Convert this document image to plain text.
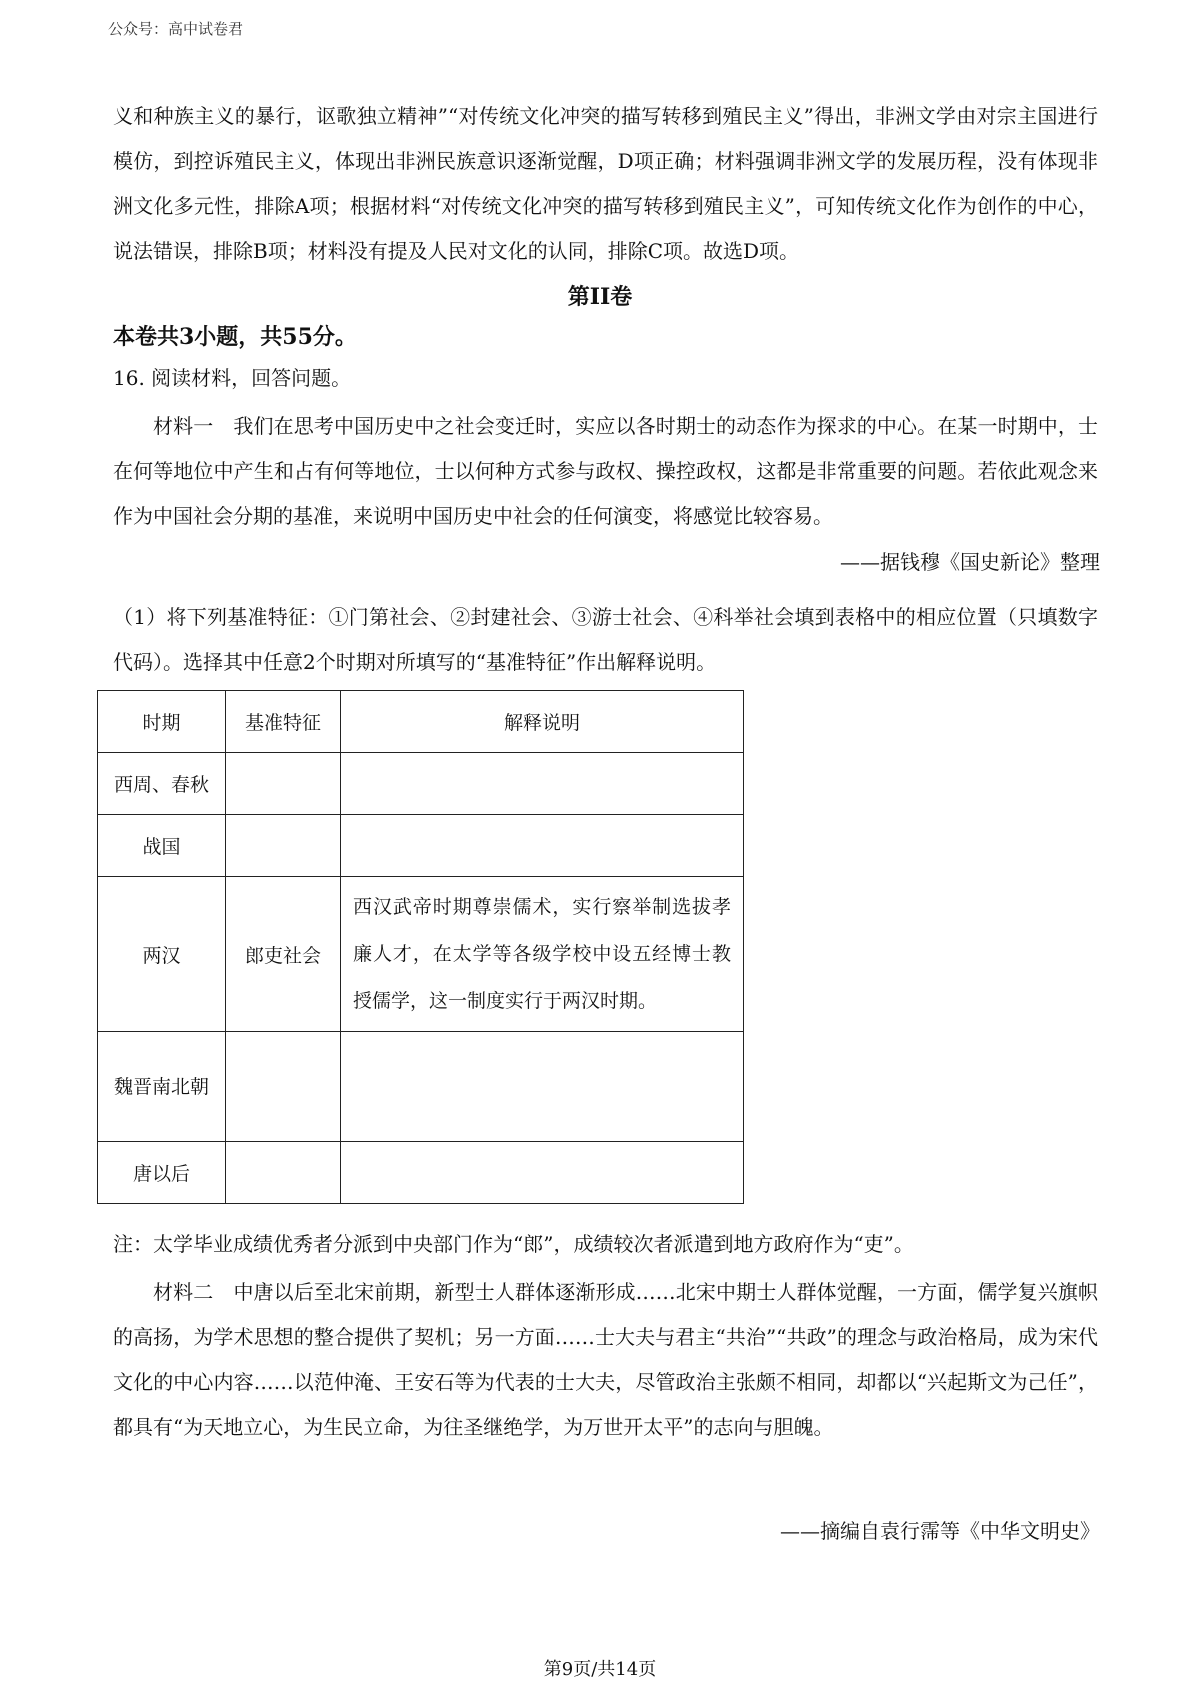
公众号：高中试卷君
义和种族主义的暴行，讴歌独立精神”“对传统文化冲突的描写转移到殖民主义”得出，非洲文学由对宗主国进行模仿，到控诉殖民主义，体现出非洲民族意识逐渐觉醒，D项正确；材料强调非洲文学的发展历程，没有体现非洲文化多元性，排除A项；根据材料“对传统文化冲突的描写转移到殖民主义”，可知传统文化作为创作的中心，说法错误，排除B项；材料没有提及人民对文化的认同，排除C项。故选D项。
第II卷
本卷共3小题，共55分。
16. 阅读材料，回答问题。
材料一　我们在思考中国历史中之社会变迁时，实应以各时期士的动态作为探求的中心。在某一时期中，士在何等地位中产生和占有何等地位，士以何种方式参与政权、操控政权，这都是非常重要的问题。若依此观念来作为中国社会分期的基准，来说明中国历史中社会的任何演变，将感觉比较容易。
——据钱穆《国史新论》整理
（1）将下列基准特征：①门第社会、②封建社会、③游士社会、④科举社会填到表格中的相应位置（只填数字代码）。选择其中任意2个时期对所填写的“基准特征”作出解释说明。
时期	基准特征	解释说明
西周、春秋		
战国		
两汉	郎吏社会	西汉武帝时期尊崇儒术，实行察举制选拔孝廉人才，在太学等各级学校中设五经博士教授儒学，这一制度实行于两汉时期。
魏晋南北朝		
唐以后		
注：太学毕业成绩优秀者分派到中央部门作为“郎”，成绩较次者派遣到地方政府作为“吏”。
材料二　中唐以后至北宋前期，新型士人群体逐渐形成……北宋中期士人群体觉醒，一方面，儒学复兴旗帜的高扬，为学术思想的整合提供了契机；另一方面……士大夫与君主“共治”“共政”的理念与政治格局，成为宋代文化的中心内容……以范仲淹、王安石等为代表的士大夫，尽管政治主张颇不相同，却都以“兴起斯文为己任”，都具有“为天地立心，为生民立命，为往圣继绝学，为万世开太平”的志向与胆魄。
——摘编自袁行霈等《中华文明史》
第9页/共14页
